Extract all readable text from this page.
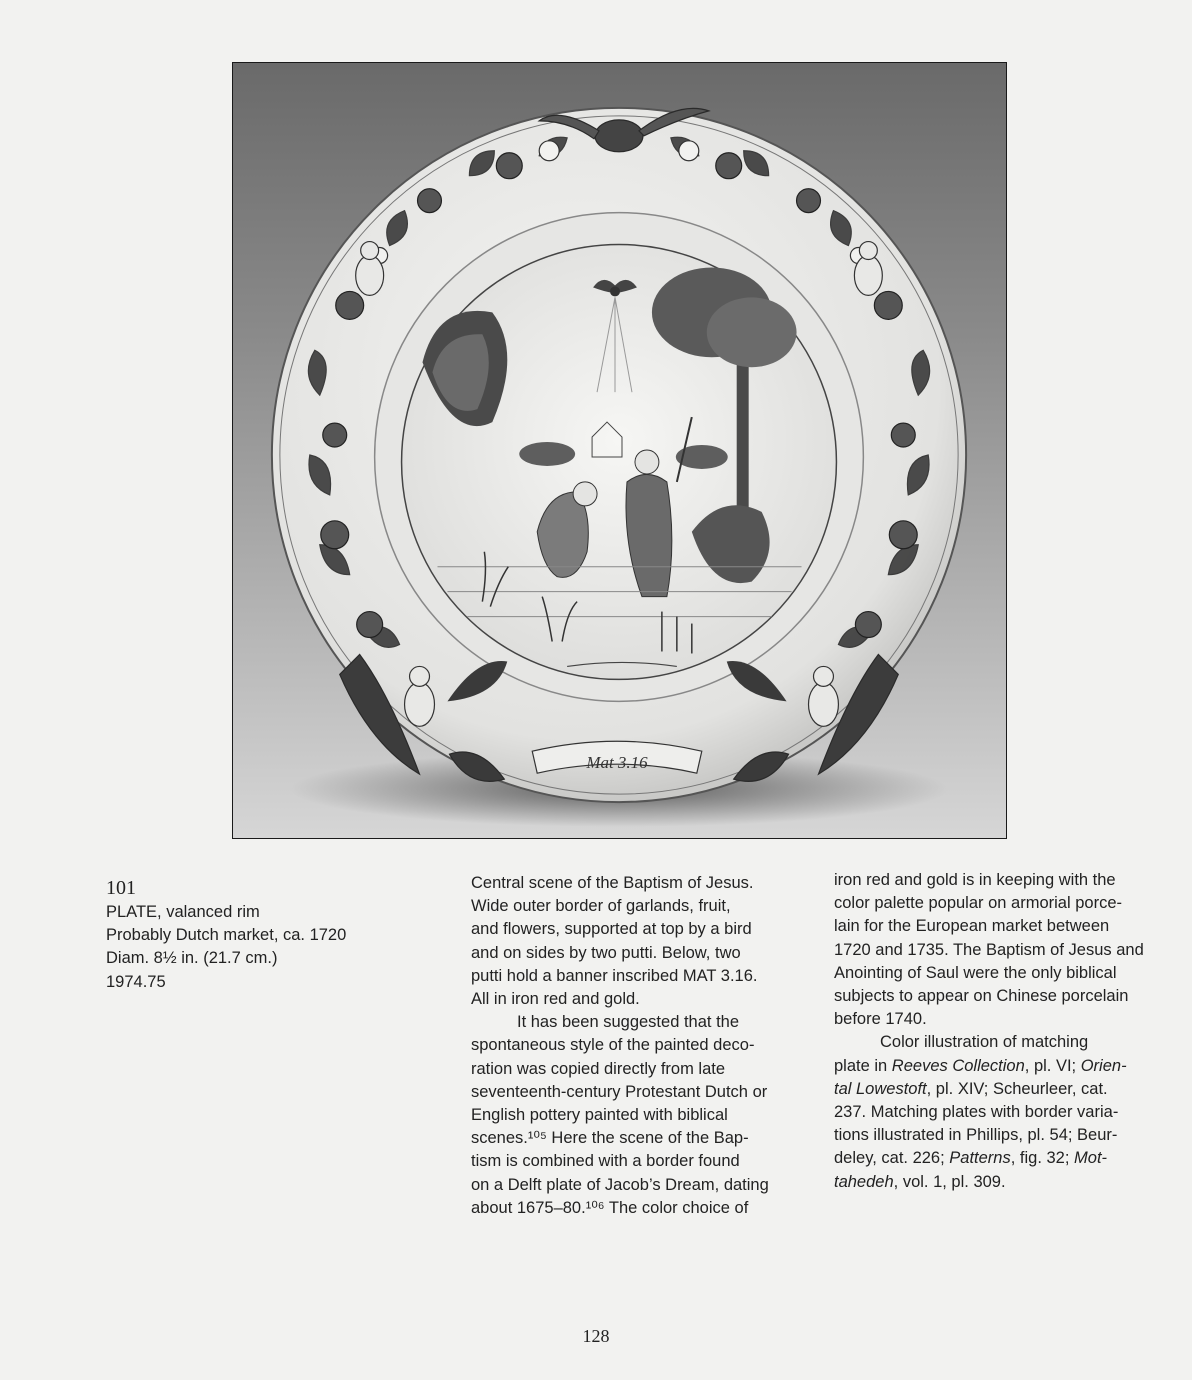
Mat 3.16
101

PLATE, valanced rim

Probably Dutch market, ca. 1720

Diam. 8½ in. (21.7 cm.)

1974.75

Central scene of the Baptism of Jesus.

Wide outer border of garlands, fruit,

and flowers, supported at top by a bird

and on sides by two putti. Below, two

putti hold a banner inscribed MAT 3.16.

All in iron red and gold.

It has been suggested that the

spontaneous style of the painted deco-

ration was copied directly from late

seventeenth-century Protestant Dutch or

English pottery painted with biblical

scenes.¹⁰⁵ Here the scene of the Bap-

tism is combined with a border found

on a Delft plate of Jacob’s Dream, dating

about 1675–80.¹⁰⁶ The color choice of

iron red and gold is in keeping with the

color palette popular on armorial porce-

lain for the European market between

1720 and 1735. The Baptism of Jesus and

Anointing of Saul were the only biblical

subjects to appear on Chinese porcelain

before 1740.

Color illustration of matching

plate in Reeves Collection, pl. VI; Orien-

tal Lowestoft, pl. XIV; Scheurleer, cat.

237. Matching plates with border varia-

tions illustrated in Phillips, pl. 54; Beur-

deley, cat. 226; Patterns, fig. 32; Mot-

tahedeh, vol. 1, pl. 309.

128
